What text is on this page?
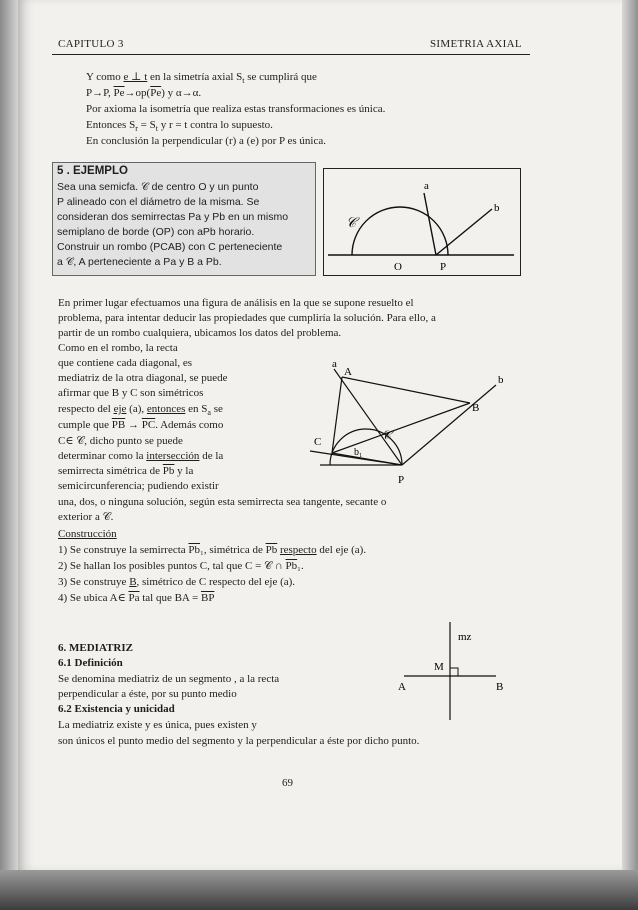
CAPITULO 3	SIMETRIA AXIAL
Y como e ⊥ t en la simetría axial $S_t$ se cumplirá que
P→P, $\overline{Pe}\to op(\overline{Pe})$ y α→α.
Por axioma la isometría que realiza estas transformaciones es única.
Entonces $S_r = S_t$ y r = t contra lo supuesto.
En conclusión la perpendicular (r) a (e) por P es única.
5 . EJEMPLO
Sea una semicfa. 𝒞 de centro O y un punto
P alineado con el diámetro de la misma. Se
consideran dos semirrectas Pa y Pb en un mismo
semiplano de borde (OP) con aPb horario.
Construir un rombo (PCAB) con C perteneciente
a 𝒞, A perteneciente a Pa y B a Pb.
a
b
𝒞
O	P
En primer lugar efectuamos una figura de análisis en la que se supone resuelto el
problema, para intentar deducir las propiedades que cumpliría la solución. Para ello, a
partir de un rombo cualquiera, ubicamos los datos del problema.
Como en el rombo, la recta
que contiene cada diagonal, es
mediatriz de la otra diagonal, se puede
afirmar que B y C son simétricos
respecto del eje (a), entonces en $S_a$ se
cumple que $\overline{PB} \to \overline{PC}$. Además como
C∈ 𝒞, dicho punto se puede
determinar como la intersección de la
semirrecta simétrica de $\overline{Pb}$ y la
semicircunferencia; pudiendo existir
una, dos, o ninguna solución, según esta semirrecta sea tangente, secante o
exterior a 𝒞.
a
A
b
B
C
b₁
P
𝒞
Construcción
1) Se construye la semirrecta $\overline{Pb}_1$, simétrica de $\overline{Pb}$ respecto del eje (a).
2) Se hallan los posibles puntos C, tal que C = 𝒞 ∩ $\overline{Pb}_1$.
3) Se construye B, simétrico de C respecto del eje (a).
4) Se ubica A∈ $\overline{Pa}$ tal que BA = $\overline{BP}$
6. MEDIATRIZ
6.1 Definición
Se denomina mediatriz de un segmento , a la recta
perpendicular a éste, por su punto medio
6.2 Existencia y unicidad
La mediatriz existe y es única, pues existen y
son únicos el punto medio del segmento y la perpendicular a éste por dicho punto.
mz
M
A	B
69
